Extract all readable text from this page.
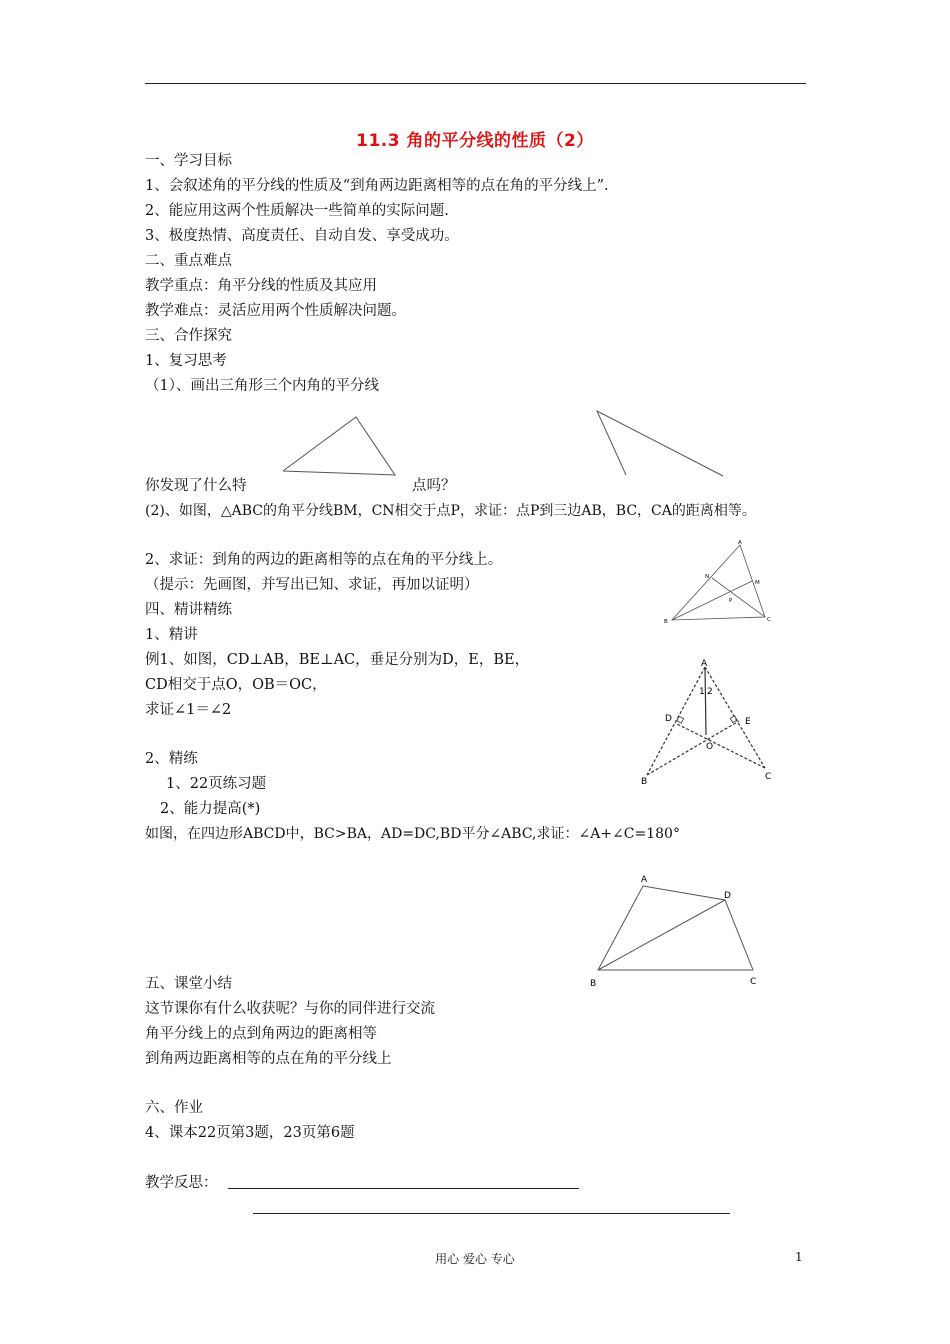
11.3 角的平分线的性质（2）
一、学习目标
1、会叙述角的平分线的性质及“到角两边距离相等的点在角的平分线上”.
2、能应用这两个性质解决一些简单的实际问题.
3、极度热情、高度责任、自动自发、享受成功。
二、重点难点
教学重点：角平分线的性质及其应用
教学难点：灵活应用两个性质解决问题。
三、合作探究
1、复习思考
（1）、画出三角形三个内角的平分线
你发现了什么特	点吗？
(2)、如图，△ABC的角平分线BM，CN相交于点P，求证：点P到三边AB，BC，CA的距离相等。
2、求证：到角的两边的距离相等的点在角的平分线上。
（提示：先画图，并写出已知、求证，再加以证明）
四、精讲精练
1、精讲
例1、如图，CD⊥AB，BE⊥AC，垂足分别为D，E，BE，
CD相交于点O，OB＝OC，
求证∠1＝∠2
A
B	C
N
M
P
A
1 2
D	E
O
B	C
2、精练
1、22页练习题
2、能力提高(*)
如图，在四边形ABCD中，BC>BA，AD=DC,BD平分∠ABC,求证：∠A+∠C=180°
A
B	C
D
五、课堂小结
这节课你有什么收获呢？与你的同伴进行交流
角平分线上的点到角两边的距离相等
到角两边距离相等的点在角的平分线上
六、作业
4、课本22页第3题，23页第6题
教学反思：
用心 爱心 专心	1
